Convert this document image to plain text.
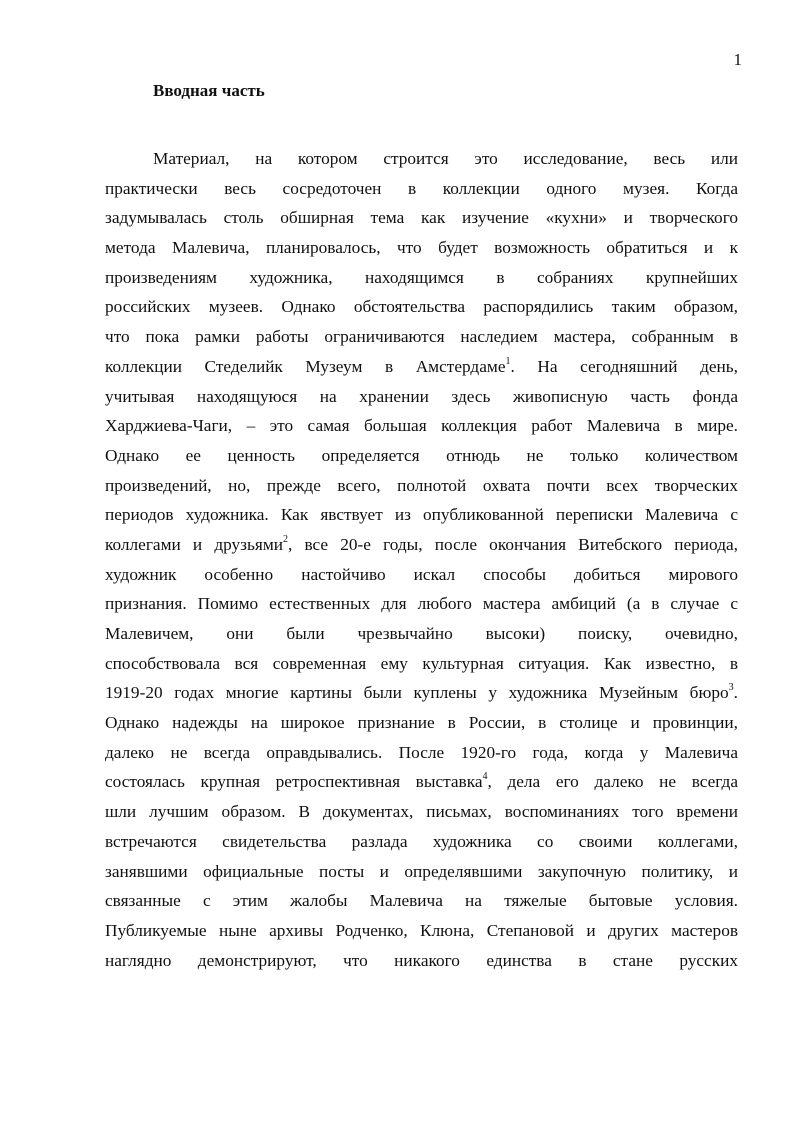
1
Вводная часть
Материал, на котором строится это исследование, весь или
практически весь сосредоточен в коллекции одного музея. Когда
задумывалась столь обширная тема как изучение «кухни» и творческого
метода Малевича, планировалось, что будет возможность обратиться и к
произведениям художника, находящимся в собраниях крупнейших
российских музеев. Однако обстоятельства распорядились таким образом,
что пока рамки работы ограничиваются наследием мастера, собранным в
коллекции Стеделийк Музеум в Амстердаме$^1$. На сегодняшний день,
учитывая находящуюся на хранении здесь живописную часть фонда
Харджиева-Чаги, – это самая большая коллекция работ Малевича в мире.
Однако ее ценность определяется отнюдь не только количеством
произведений, но, прежде всего, полнотой охвата почти всех творческих
периодов художника. Как явствует из опубликованной переписки Малевича с
коллегами и друзьями$^2$, все 20-е годы, после окончания Витебского периода,
художник особенно настойчиво искал способы добиться мирового
признания. Помимо естественных для любого мастера амбиций (а в случае с
Малевичем, они были чрезвычайно высоки) поиску, очевидно,
способствовала вся современная ему культурная ситуация. Как известно, в
1919-20 годах многие картины были куплены у художника Музейным бюро$^3$.
Однако надежды на широкое признание в России, в столице и провинции,
далеко не всегда оправдывались. После 1920-го года, когда у Малевича
состоялась крупная ретроспективная выставка$^4$, дела его далеко не всегда
шли лучшим образом. В документах, письмах, воспоминаниях того времени
встречаются свидетельства разлада художника со своими коллегами,
занявшими официальные посты и определявшими закупочную политику, и
связанные с этим жалобы Малевича на тяжелые бытовые условия.
Публикуемые ныне архивы Родченко, Клюна, Степановой и других мастеров
наглядно демонстрируют, что никакого единства в стане русских
